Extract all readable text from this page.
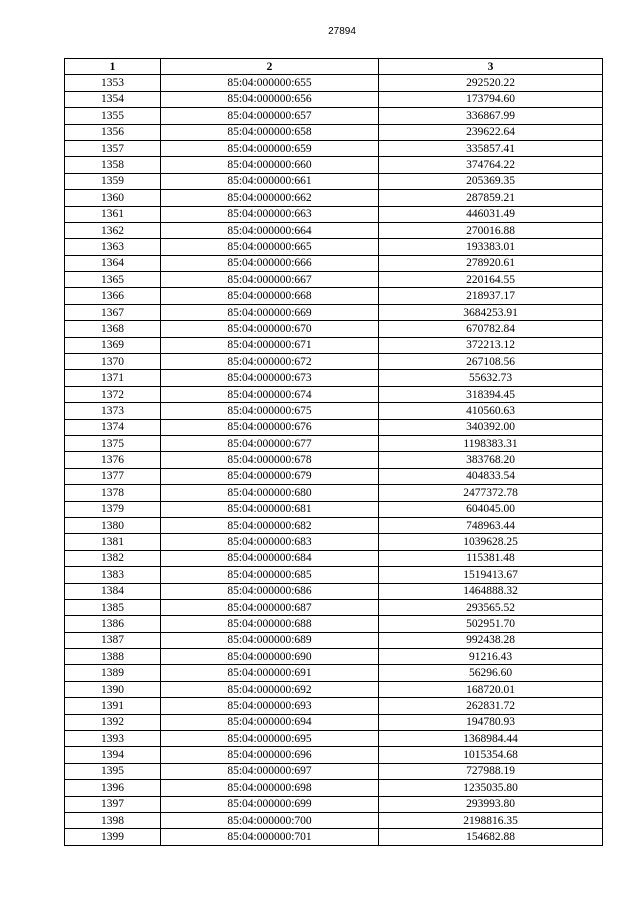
27894
1	2	3
1353	85:04:000000:655	292520.22
1354	85:04:000000:656	173794.60
1355	85:04:000000:657	336867.99
1356	85:04:000000:658	239622.64
1357	85:04:000000:659	335857.41
1358	85:04:000000:660	374764.22
1359	85:04:000000:661	205369.35
1360	85:04:000000:662	287859.21
1361	85:04:000000:663	446031.49
1362	85:04:000000:664	270016.88
1363	85:04:000000:665	193383.01
1364	85:04:000000:666	278920.61
1365	85:04:000000:667	220164.55
1366	85:04:000000:668	218937.17
1367	85:04:000000:669	3684253.91
1368	85:04:000000:670	670782.84
1369	85:04:000000:671	372213.12
1370	85:04:000000:672	267108.56
1371	85:04:000000:673	55632.73
1372	85:04:000000:674	318394.45
1373	85:04:000000:675	410560.63
1374	85:04:000000:676	340392.00
1375	85:04:000000:677	1198383.31
1376	85:04:000000:678	383768.20
1377	85:04:000000:679	404833.54
1378	85:04:000000:680	2477372.78
1379	85:04:000000:681	604045.00
1380	85:04:000000:682	748963.44
1381	85:04:000000:683	1039628.25
1382	85:04:000000:684	115381.48
1383	85:04:000000:685	1519413.67
1384	85:04:000000:686	1464888.32
1385	85:04:000000:687	293565.52
1386	85:04:000000:688	502951.70
1387	85:04:000000:689	992438.28
1388	85:04:000000:690	91216.43
1389	85:04:000000:691	56296.60
1390	85:04:000000:692	168720.01
1391	85:04:000000:693	262831.72
1392	85:04:000000:694	194780.93
1393	85:04:000000:695	1368984.44
1394	85:04:000000:696	1015354.68
1395	85:04:000000:697	727988.19
1396	85:04:000000:698	1235035.80
1397	85:04:000000:699	293993.80
1398	85:04:000000:700	2198816.35
1399	85:04:000000:701	154682.88
